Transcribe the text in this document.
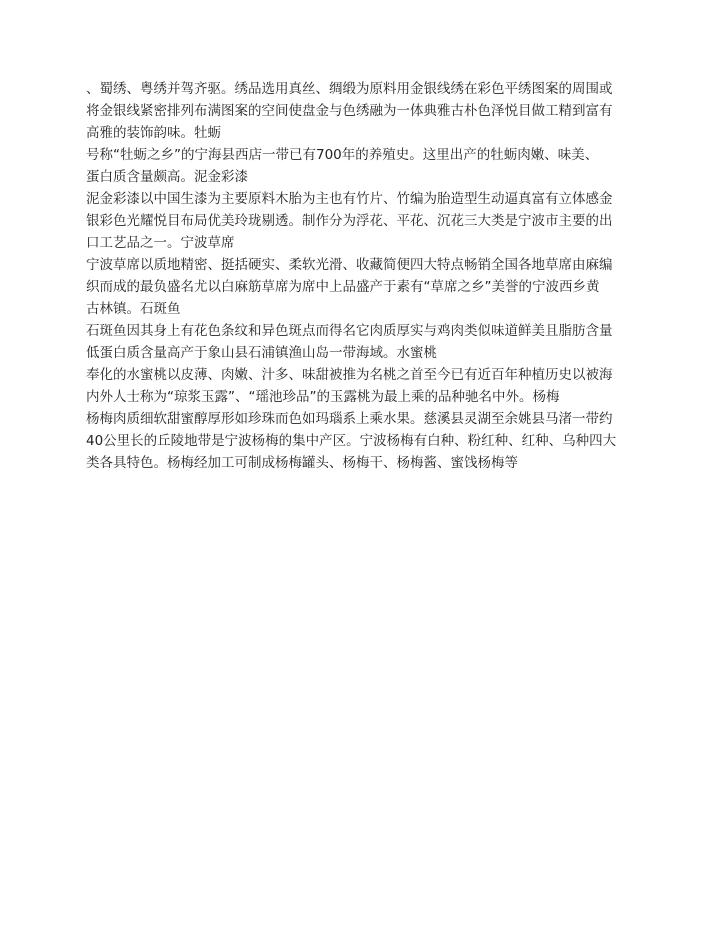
、蜀绣、粤绣并驾齐驱。绣品选用真丝、绸缎为原料用金银线绣在彩色平绣图案的周围或
将金银线紧密排列布满图案的空间使盘金与色绣融为一体典雅古朴色泽悦目做工精到富有
高雅的装饰韵味。牡蛎
号称“牡蛎之乡”的宁海县西店一带已有700年的养殖史。这里出产的牡蛎肉嫩、味美、
蛋白质含量颇高。泥金彩漆
泥金彩漆以中国生漆为主要原料木胎为主也有竹片、竹编为胎造型生动逼真富有立体感金
银彩色光耀悦目布局优美玲珑剔透。制作分为浮花、平花、沉花三大类是宁波市主要的出
口工艺品之一。宁波草席
宁波草席以质地精密、挺括硬实、柔软光滑、收藏简便四大特点畅销全国各地草席由麻编
织而成的最负盛名尤以白麻筋草席为席中上品盛产于素有“草席之乡”美誉的宁波西乡黄
古林镇。石斑鱼
石斑鱼因其身上有花色条纹和异色斑点而得名它肉质厚实与鸡肉类似味道鲜美且脂肪含量
低蛋白质含量高产于象山县石浦镇渔山岛一带海域。水蜜桃
奉化的水蜜桃以皮薄、肉嫩、汁多、味甜被推为名桃之首至今已有近百年种植历史以被海
内外人士称为“琼浆玉露”、“瑶池珍品”的玉露桃为最上乘的品种驰名中外。杨梅
杨梅肉质细软甜蜜醇厚形如珍珠而色如玛瑙系上乘水果。慈溪县灵湖至余姚县马渚一带约
40公里长的丘陵地带是宁波杨梅的集中产区。宁波杨梅有白种、粉红种、红种、乌种四大
类各具特色。杨梅经加工可制成杨梅罐头、杨梅干、杨梅酱、蜜饯杨梅等
